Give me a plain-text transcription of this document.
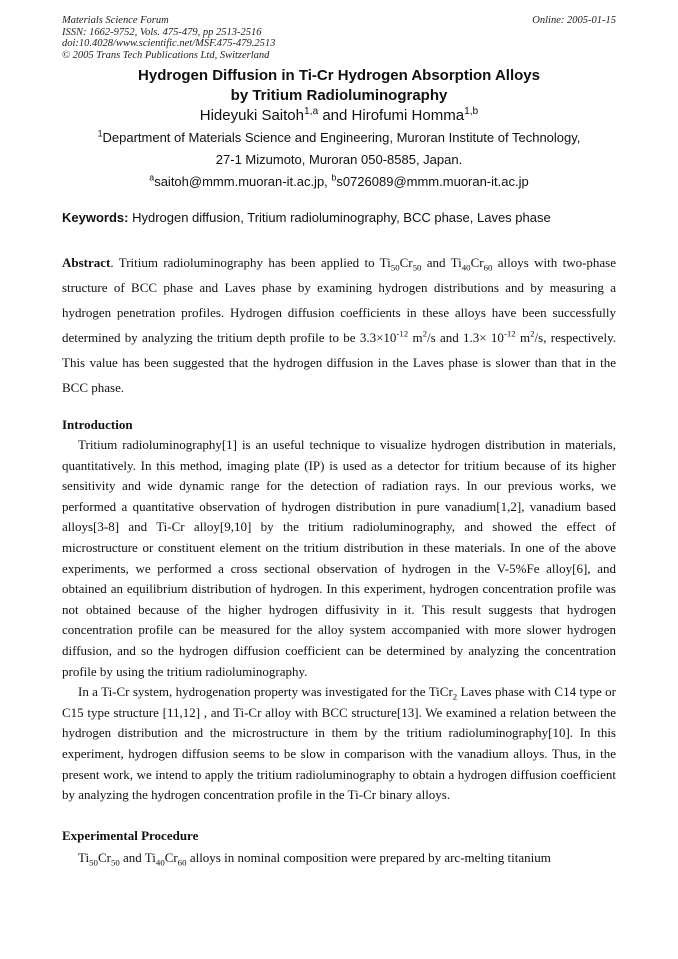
Materials Science Forum
ISSN: 1662-9752, Vols. 475-479, pp 2513-2516
doi:10.4028/www.scientific.net/MSF.475-479.2513
© 2005 Trans Tech Publications Ltd, Switzerland
Online: 2005-01-15
Hydrogen Diffusion in Ti-Cr Hydrogen Absorption Alloys
by Tritium Radioluminography
Hideyuki Saitoh$^{1,a}$ and Hirofumi Homma$^{1,b}$
$^1$Department of Materials Science and Engineering, Muroran Institute of Technology,
27-1 Mizumoto, Muroran 050-8585, Japan.
$^a$saitoh@mmm.muoran-it.ac.jp, $^b$s0726089@mmm.muoran-it.ac.jp
Keywords: Hydrogen diffusion, Tritium radioluminography, BCC phase, Laves phase
Abstract. Tritium radioluminography has been applied to $Ti_{50}Cr_{50}$ and $Ti_{40}Cr_{60}$ alloys with two-phase structure of BCC phase and Laves phase by examining hydrogen distributions and by measuring a hydrogen penetration profiles. Hydrogen diffusion coefficients in these alloys have been successfully determined by analyzing the tritium depth profile to be $3.3\times 10^{-12}$ $m^2/s$ and $1.3\times 10^{-12}$ $m^2/s$, respectively. This value has been suggested that the hydrogen diffusion in the Laves phase is slower than that in the BCC phase.
Introduction

Tritium radioluminography[1] is an useful technique to visualize hydrogen distribution in materials, quantitatively. In this method, imaging plate (IP) is used as a detector for tritium because of its higher sensitivity and wide dynamic range for the detection of radiation rays. In our previous works, we performed a quantitative observation of hydrogen distribution in pure vanadium[1,2], vanadium based alloys[3-8] and Ti-Cr alloy[9,10] by the tritium radioluminography, and showed the effect of microstructure or constituent element on the tritium distribution in these materials. In one of the above experiments, we performed a cross sectional observation of hydrogen in the V-5%Fe alloy[6], and obtained an equilibrium distribution of hydrogen. In this experiment, hydrogen concentration profile was not obtained because of the higher hydrogen diffusivity in it. This result suggests that hydrogen concentration profile can be measured for the alloy system accompanied with more slower hydrogen diffusion, and so the hydrogen diffusion coefficient can be determined by analyzing the concentration profile by using the tritium radioluminography.

In a Ti-Cr system, hydrogenation property was investigated for the TiCr$_2$ Laves phase with C14 type or C15 type structure [11,12] , and Ti-Cr alloy with BCC structure[13]. We examined a relation between the hydrogen distribution and the microstructure in them by the tritium radioluminography[10]. In this experiment, hydrogen diffusion seems to be slow in comparison with the vanadium alloys. Thus, in the present work, we intend to apply the tritium radioluminography to obtain a hydrogen diffusion coefficient by analyzing the hydrogen concentration profile in the Ti-Cr binary alloys.

Experimental Procedure

$Ti_{50}Cr_{50}$ and $Ti_{40}Cr_{60}$ alloys in nominal composition were prepared by arc-melting titanium
